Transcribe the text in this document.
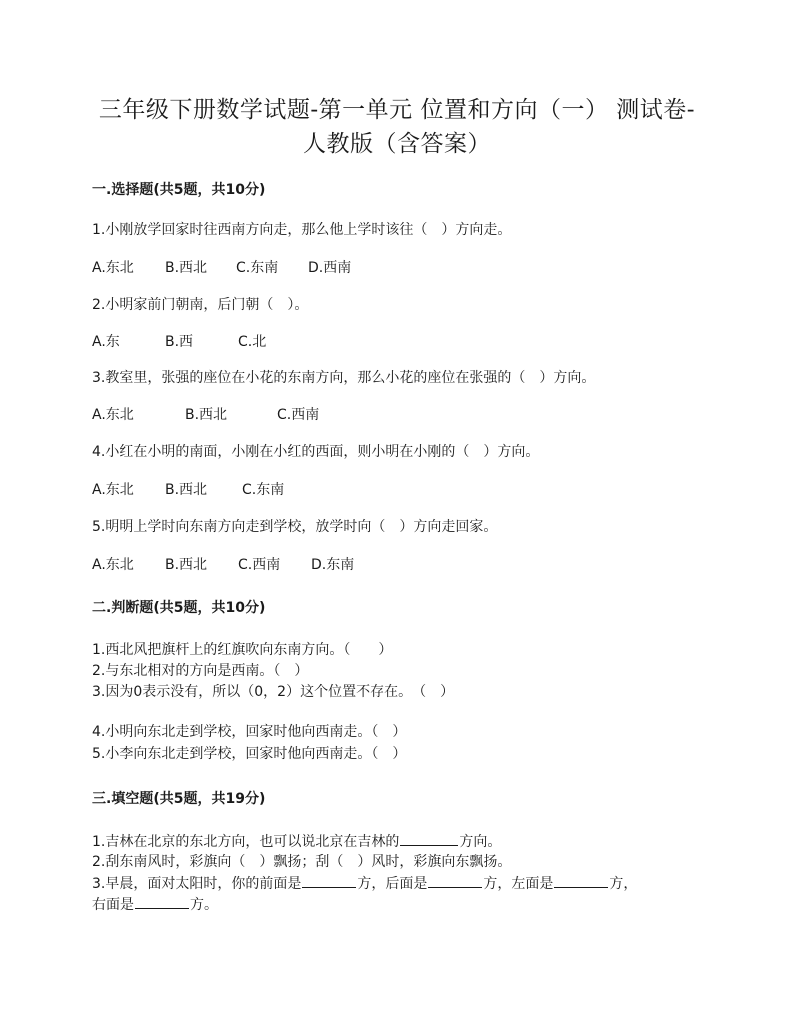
三年级下册数学试题-第一单元 位置和方向（一） 测试卷-
人教版（含答案）
一.选择题(共5题，共10分)
1.小刚放学回家时往西南方向走，那么他上学时该往（　）方向走。
A.东北 B.西北 C.东南 D.西南
2.小明家前门朝南，后门朝（　）。
A.东	B.西	C.北
3.教室里，张强的座位在小花的东南方向，那么小花的座位在张强的（　）方向。
A.东北	B.西北	C.西南
4.小红在小明的南面，小刚在小红的西面，则小明在小刚的（　）方向。
A.东北 B.西北 C.东南
5.明明上学时向东南方向走到学校，放学时向（　）方向走回家。
A.东北 B.西北 C.西南 D.东南
二.判断题(共5题，共10分)
1.西北风把旗杆上的红旗吹向东南方向。（　　）
2.与东北相对的方向是西南。（　）
3.因为0表示没有，所以（0，2）这个位置不存在。　（　）
4.小明向东北走到学校，回家时他向西南走。（　）
5.小李向东北走到学校，回家时他向西南走。（　）
三.填空题(共5题，共19分)
1.吉林在北京的东北方向，也可以说北京在吉林的	方向。
2.刮东南风时，彩旗向（　）飘扬；刮（　）风时，彩旗向东飘扬。
3.早晨，面对太阳时，你的前面是	方，后面是	方，左面是	方，
右面是	方。
